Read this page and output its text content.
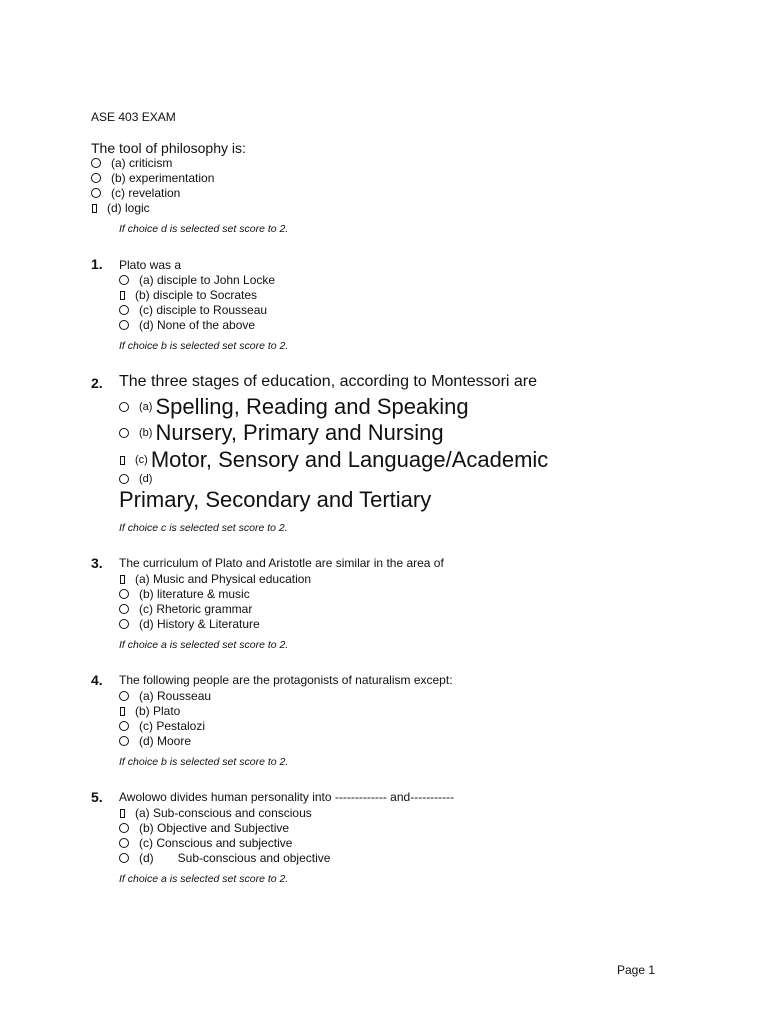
ASE 403 EXAM
The tool of philosophy is:
(a) criticism
(b) experimentation
(c) revelation
(d) logic
If choice d is selected set score to 2.
1. Plato was a
(a) disciple to John Locke
(b) disciple to Socrates
(c) disciple to Rousseau
(d) None of the above
If choice b is selected set score to 2.
2. The three stages of education, according to Montessori are
(a) Spelling, Reading and Speaking
(b) Nursery, Primary and Nursing
(c) Motor, Sensory and Language/Academic
(d)
Primary, Secondary and Tertiary
If choice c is selected set score to 2.
3. The curriculum of Plato and Aristotle are similar in the area of
(a) Music and Physical education
(b) literature & music
(c) Rhetoric grammar
(d) History & Literature
If choice a is selected set score to 2.
4. The following people are the protagonists of naturalism except:
(a) Rousseau
(b) Plato
(c) Pestalozi
(d) Moore
If choice b is selected set score to 2.
5. Awolowo divides human personality into ------------- and-----------
(a) Sub-conscious and conscious
(b) Objective and Subjective
(c) Conscious and subjective
(d) Sub-conscious and objective
If choice a is selected set score to 2.
Page 1
